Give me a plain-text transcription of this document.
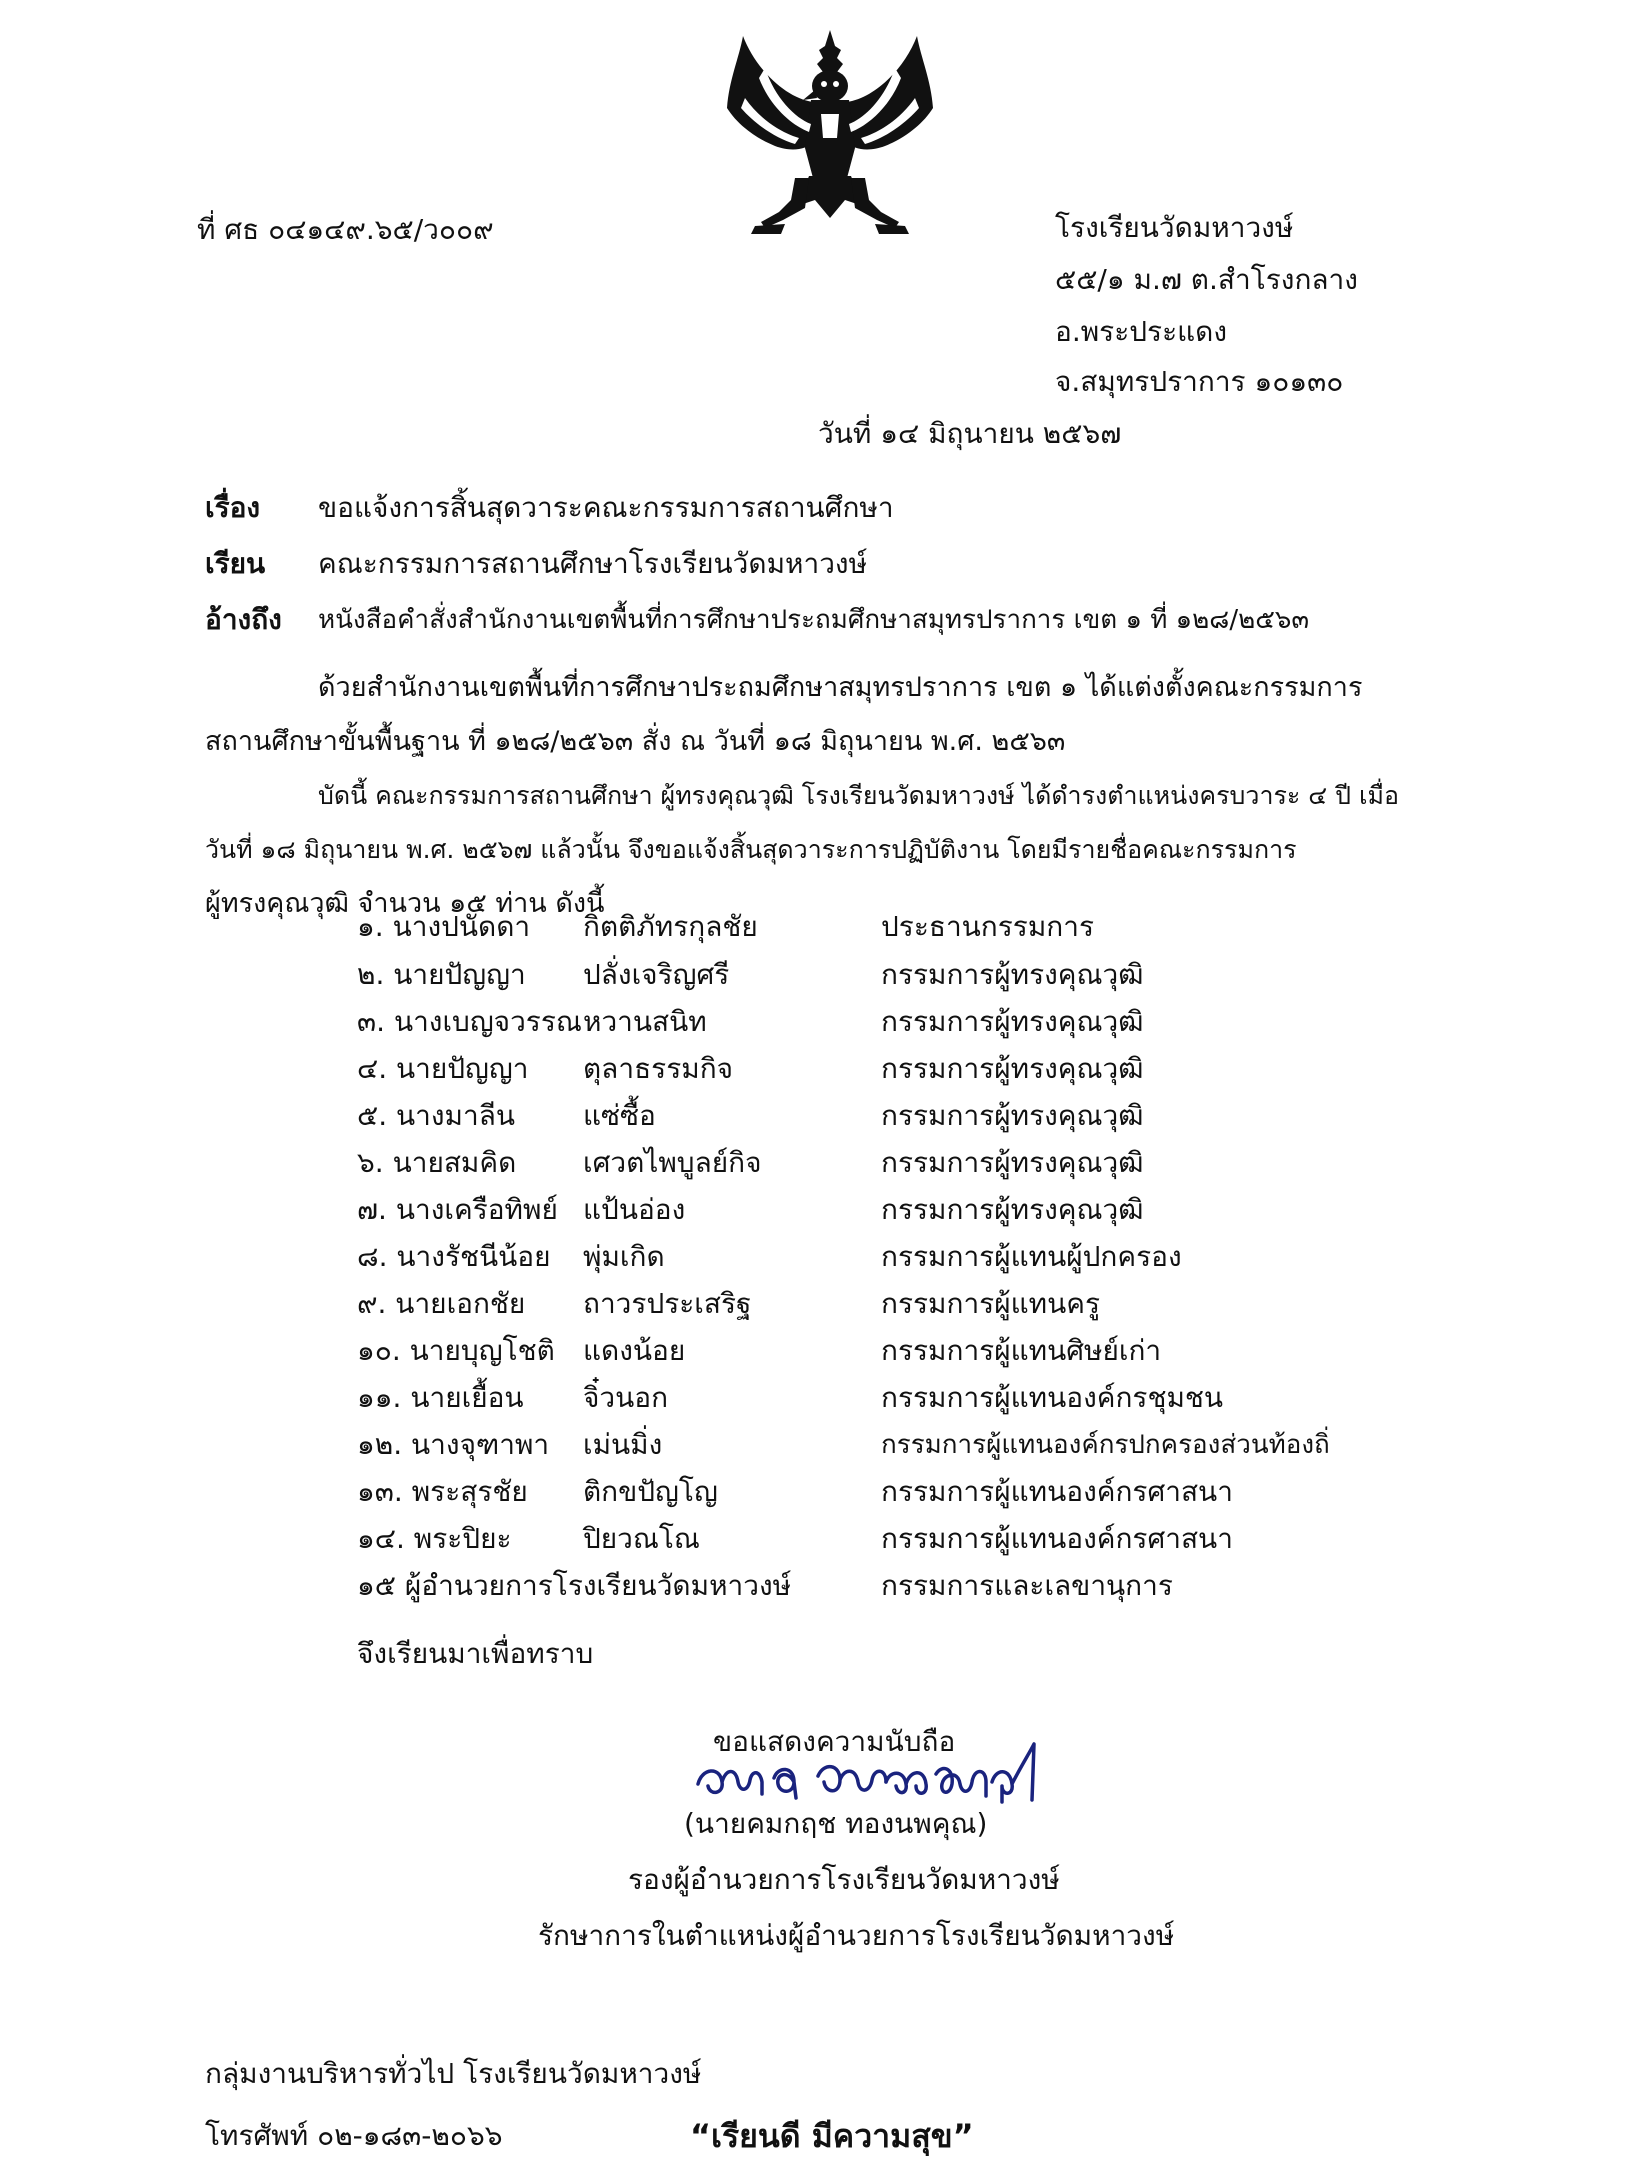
ที่ ศธ ๐๔๑๔๙.๖๕/ว๐๐๙	โรงเรียนวัดมหาวงษ์
๕๕/๑ ม.๗ ต.สำโรงกลาง
อ.พระประแดง
จ.สมุทรปราการ ๑๐๑๓๐
วันที่ ๑๔ มิถุนายน ๒๕๖๗
เรื่อง ขอแจ้งการสิ้นสุดวาระคณะกรรมการสถานศึกษา
เรียน คณะกรรมการสถานศึกษาโรงเรียนวัดมหาวงษ์
อ้างถึง หนังสือคำสั่งสำนักงานเขตพื้นที่การศึกษาประถมศึกษาสมุทรปราการ เขต ๑ ที่ ๑๒๘/๒๕๖๓
ด้วยสำนักงานเขตพื้นที่การศึกษาประถมศึกษาสมุทรปราการ เขต ๑ ได้แต่งตั้งคณะกรรมการ
สถานศึกษาขั้นพื้นฐาน ที่ ๑๒๘/๒๕๖๓ สั่ง ณ วันที่ ๑๘ มิถุนายน พ.ศ. ๒๕๖๓
บัดนี้ คณะกรรมการสถานศึกษา ผู้ทรงคุณวุฒิ โรงเรียนวัดมหาวงษ์ ได้ดำรงตำแหน่งครบวาระ ๔ ปี เมื่อ
วันที่ ๑๘ มิถุนายน พ.ศ. ๒๕๖๗ แล้วนั้น จึงขอแจ้งสิ้นสุดวาระการปฏิบัติงาน โดยมีรายชื่อคณะกรรมการ
ผู้ทรงคุณวุฒิ จำนวน ๑๕ ท่าน ดังนี้
๑. นางปนัดดา กิตติภัทรกุลชัย	ประธานกรรมการ
๒. นายปัญญา ปลั่งเจริญศรี	กรรมการผู้ทรงคุณวุฒิ
๓. นางเบญจวรรณ หวานสนิท	กรรมการผู้ทรงคุณวุฒิ
๔. นายปัญญา ตุลาธรรมกิจ	กรรมการผู้ทรงคุณวุฒิ
๕. นางมาลีน แซ่ซื้อ	กรรมการผู้ทรงคุณวุฒิ
๖. นายสมคิด เศวตไพบูลย์กิจ	กรรมการผู้ทรงคุณวุฒิ
๗. นางเครือทิพย์ แป้นอ่อง	กรรมการผู้ทรงคุณวุฒิ
๘. นางรัชนีน้อย พุ่มเกิด	กรรมการผู้แทนผู้ปกครอง
๙. นายเอกชัย ถาวรประเสริฐ	กรรมการผู้แทนครู
๑๐. นายบุญโชติ แดงน้อย	กรรมการผู้แทนศิษย์เก่า
๑๑. นายเยื้อน จิ๋วนอก	กรรมการผู้แทนองค์กรชุมชน
๑๒. นางจุฑาพา เม่นมิ่ง	กรรมการผู้แทนองค์กรปกครองส่วนท้องถิ่
๑๓. พระสุรชัย ติกขปัญโญ	กรรมการผู้แทนองค์กรศาสนา
๑๔. พระปิยะ	ปิยวณโณ	กรรมการผู้แทนองค์กรศาสนา
๑๕ ผู้อำนวยการโรงเรียนวัดมหาวงษ์	กรรมการและเลขานุการ
จึงเรียนมาเพื่อทราบ
ขอแสดงความนับถือ
(นายคมกฤช ทองนพคุณ)
รองผู้อำนวยการโรงเรียนวัดมหาวงษ์
รักษาการในตำแหน่งผู้อำนวยการโรงเรียนวัดมหาวงษ์
กลุ่มงานบริหารทั่วไป โรงเรียนวัดมหาวงษ์
โทรศัพท์ ๐๒-๑๘๓-๒๐๖๖	“เรียนดี มีความสุข”
